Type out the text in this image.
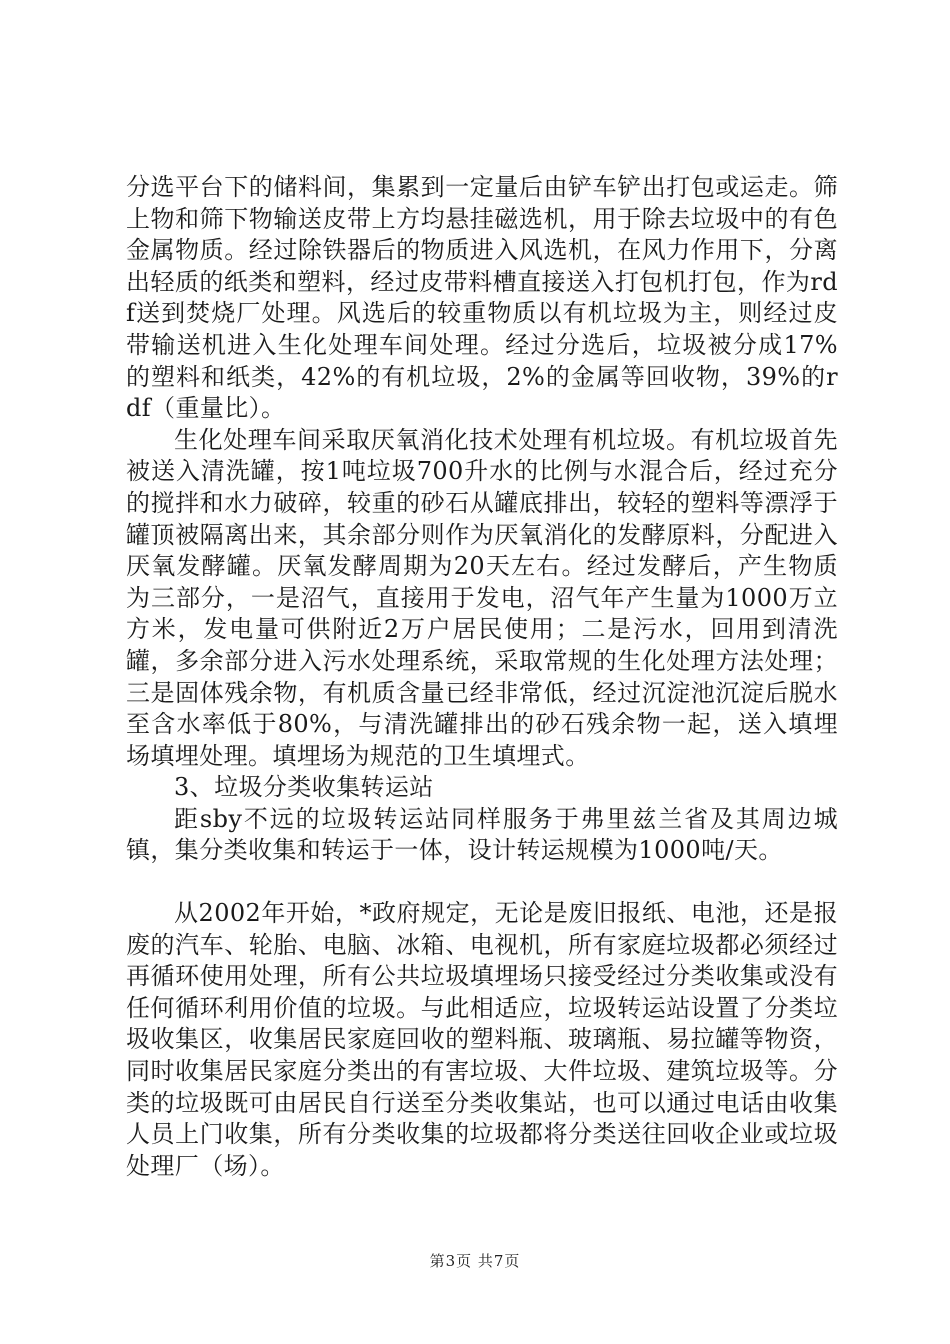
分选平台下的储料间，集累到一定量后由铲车铲出打包或运走。筛上物和筛下物输送皮带上方均悬挂磁选机，用于除去垃圾中的有色金属物质。经过除铁器后的物质进入风选机，在风力作用下，分离出轻质的纸类和塑料，经过皮带料槽直接送入打包机打包，作为rdf送到焚烧厂处理。风选后的较重物质以有机垃圾为主，则经过皮带输送机进入生化处理车间处理。经过分选后，垃圾被分成17%的塑料和纸类，42%的有机垃圾，2%的金属等回收物，39%的rdf（重量比）。

生化处理车间采取厌氧消化技术处理有机垃圾。有机垃圾首先被送入清洗罐，按1吨垃圾700升水的比例与水混合后，经过充分的搅拌和水力破碎，较重的砂石从罐底排出，较轻的塑料等漂浮于罐顶被隔离出来，其余部分则作为厌氧消化的发酵原料，分配进入厌氧发酵罐。厌氧发酵周期为20天左右。经过发酵后，产生物质为三部分，一是沼气，直接用于发电，沼气年产生量为1000万立方米，发电量可供附近2万户居民使用；二是污水，回用到清洗罐，多余部分进入污水处理系统，采取常规的生化处理方法处理；三是固体残余物，有机质含量已经非常低，经过沉淀池沉淀后脱水至含水率低于80%，与清洗罐排出的砂石残余物一起，送入填埋场填埋处理。填埋场为规范的卫生填埋式。

3、垃圾分类收集转运站

距sby不远的垃圾转运站同样服务于弗里兹兰省及其周边城镇，集分类收集和转运于一体，设计转运规模为1000吨/天。

从2002年开始，*政府规定，无论是废旧报纸、电池，还是报废的汽车、轮胎、电脑、冰箱、电视机，所有家庭垃圾都必须经过再循环使用处理，所有公共垃圾填埋场只接受经过分类收集或没有任何循环利用价值的垃圾。与此相适应，垃圾转运站设置了分类垃圾收集区，收集居民家庭回收的塑料瓶、玻璃瓶、易拉罐等物资，同时收集居民家庭分类出的有害垃圾、大件垃圾、建筑垃圾等。分类的垃圾既可由居民自行送至分类收集站，也可以通过电话由收集人员上门收集，所有分类收集的垃圾都将分类送往回收企业或垃圾处理厂（场）。

第3页 共7页
